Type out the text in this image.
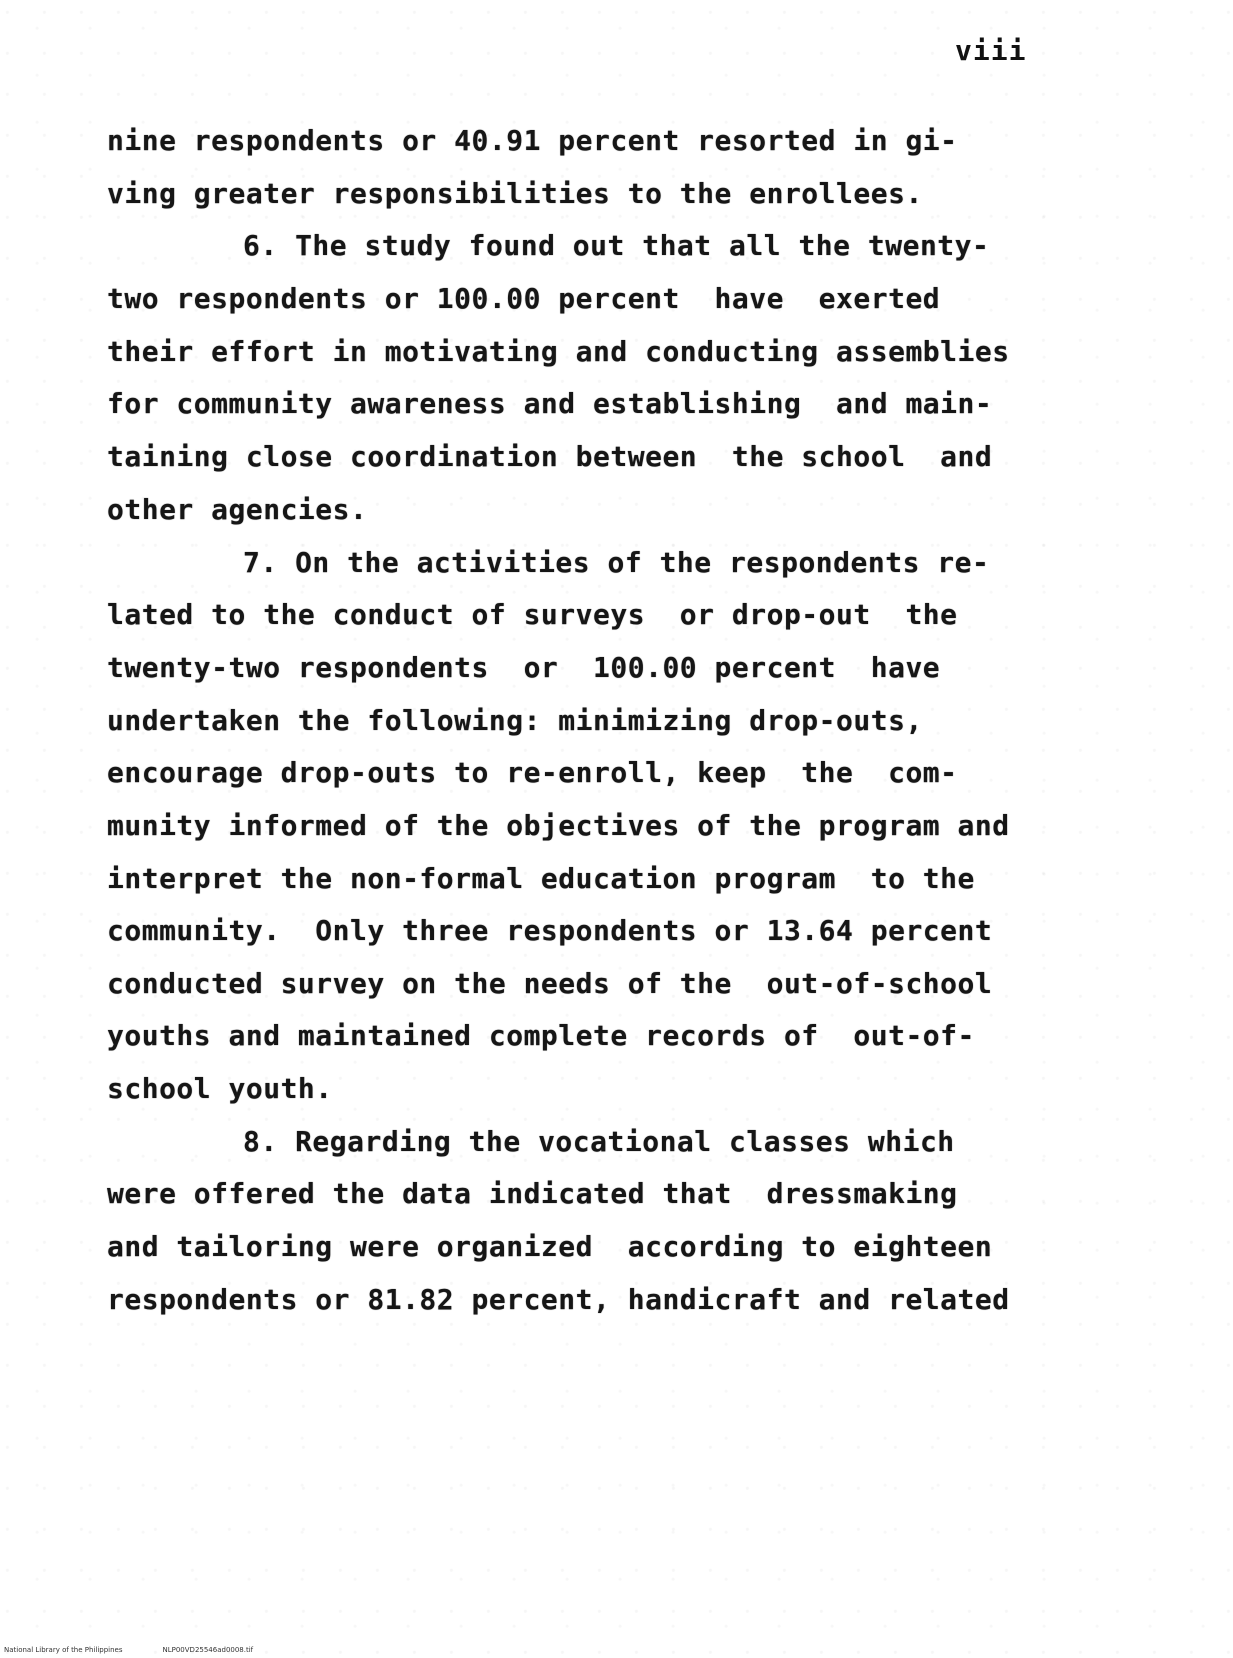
viii
nine respondents or 40.91 percent resorted in gi-
ving greater responsibilities to the enrollees.
6. The study found out that all the twenty-
two respondents or 100.00 percent  have  exerted
their effort in motivating and conducting assemblies
for community awareness and establishing  and main-
taining close coordination between  the school  and
other agencies.
7. On the activities of the respondents re-
lated to the conduct of surveys  or drop-out  the
twenty-two respondents  or  100.00 percent  have
undertaken the following: minimizing drop-outs,
encourage drop-outs to re-enroll, keep  the  com-
munity informed of the objectives of the program and
interpret the non-formal education program  to the
community.  Only three respondents or 13.64 percent
conducted survey on the needs of the  out-of-school
youths and maintained complete records of  out-of-
school youth.
8. Regarding the vocational classes which
were offered the data indicated that  dressmaking
and tailoring were organized  according to eighteen
respondents or 81.82 percent, handicraft and related
National Library of the Philippines	NLP00VD25546ad0008.tif
